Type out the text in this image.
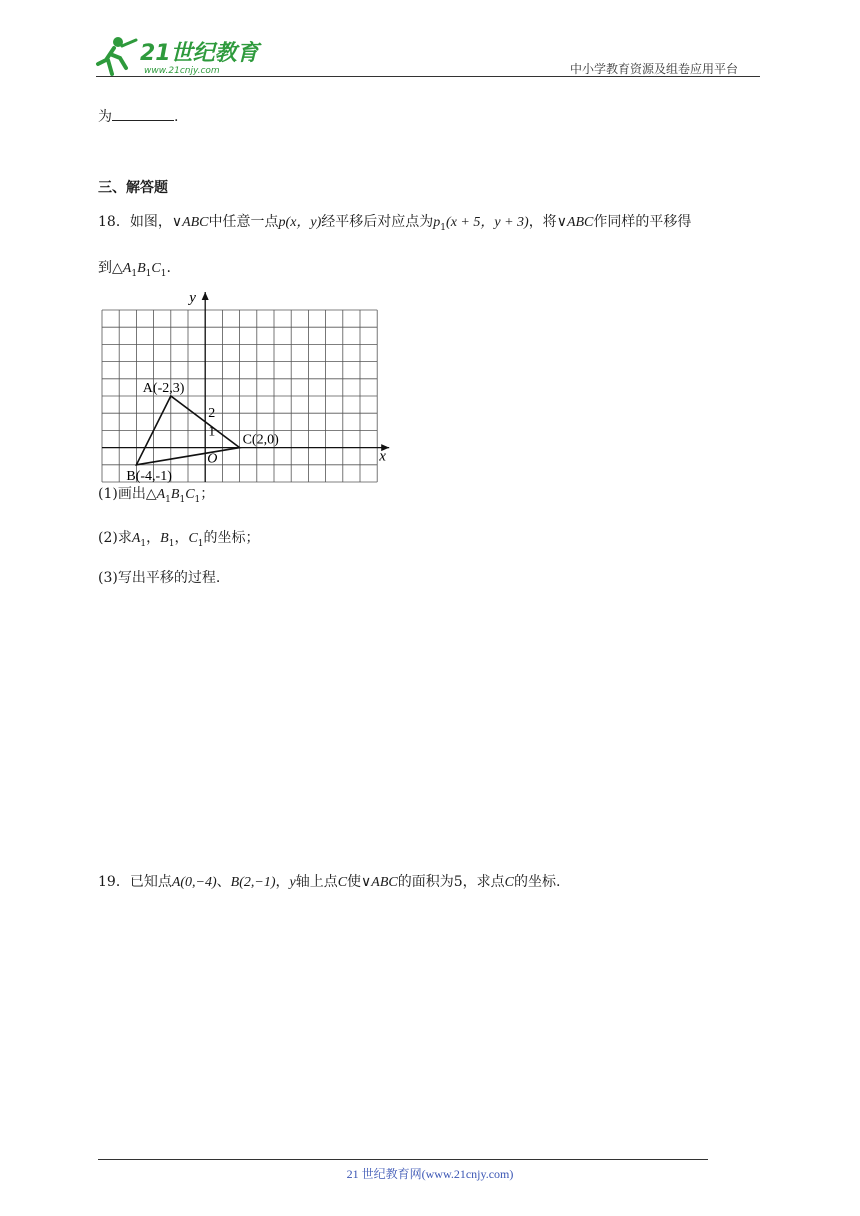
21世纪教育
www.21cnjy.com	中小学教育资源及组卷应用平台
为	.
三、解答题
18．如图，∨ABC中任意一点p(x，y)经平移后对应点为$p_1(x + 5$，y + 3)，将∨ABC作同样的平移得
到$\triangle A_1B_1C_1$.
y
x
O
1
2
A(-2,3)
B(-4,-1)
C(2,0)
(1)画出$\triangle A_1B_1C_1$；
(2)求$A_1$，$B_1$，$C_1$的坐标；
(3)写出平移的过程.
19．已知点A(0,−4)、B(2,−1)，y轴上点C使∨ABC的面积为5，求点C的坐标.
21 世纪教育网(www.21cnjy.com)
